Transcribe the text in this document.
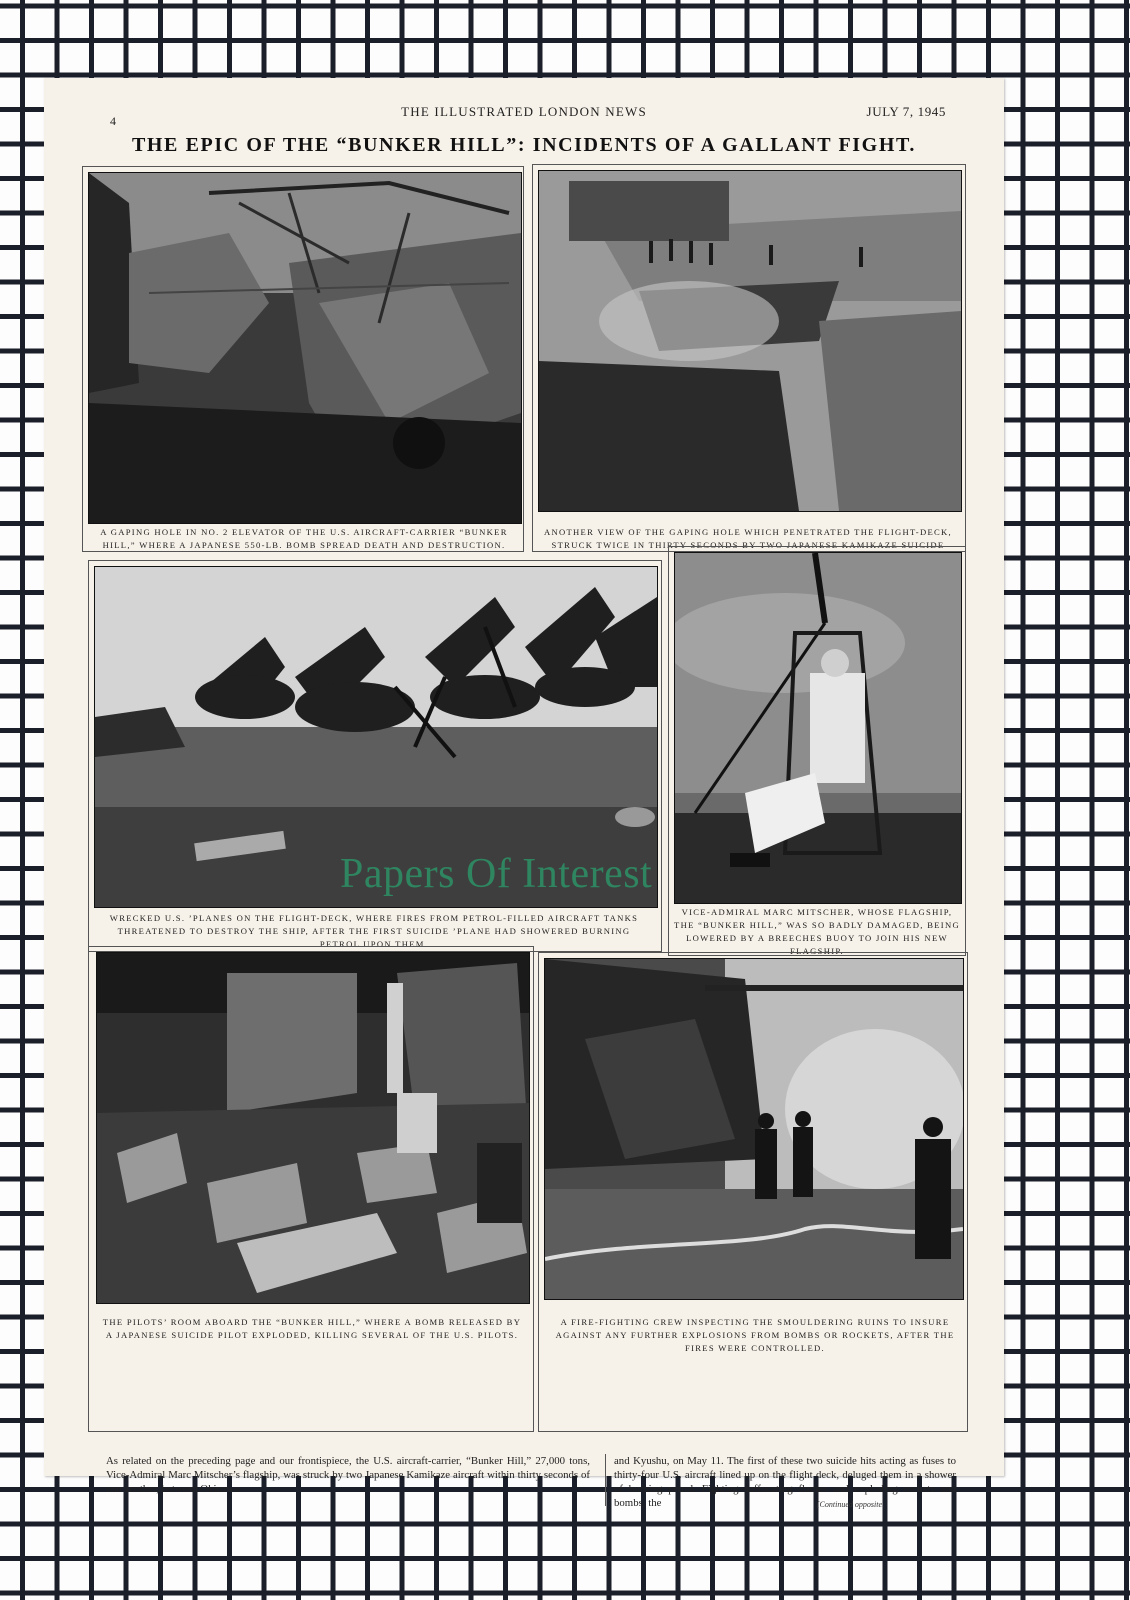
4
THE ILLUSTRATED LONDON NEWS	JULY 7, 1945
THE EPIC OF THE “BUNKER HILL”: INCIDENTS OF A GALLANT FIGHT.
A GAPING HOLE IN NO. 2 ELEVATOR OF THE U.S. AIRCRAFT-CARRIER “BUNKER HILL,” WHERE A JAPANESE 550-LB. BOMB SPREAD DEATH AND DESTRUCTION.
ANOTHER VIEW OF THE GAPING HOLE WHICH PENETRATED THE FLIGHT-DECK, STRUCK TWICE IN THIRTY SECONDS BY TWO JAPANESE KAMIKAZE SUICIDE
WRECKED U.S. ’PLANES ON THE FLIGHT-DECK, WHERE FIRES FROM PETROL-FILLED AIRCRAFT TANKS THREATENED TO DESTROY THE SHIP, AFTER THE FIRST SUICIDE ’PLANE HAD SHOWERED BURNING PETROL UPON THEM.
VICE-ADMIRAL MARC MITSCHER, WHOSE FLAGSHIP, THE “BUNKER HILL,” WAS SO BADLY DAMAGED, BEING LOWERED BY A BREECHES BUOY TO JOIN HIS NEW FLAGSHIP.
THE PILOTS’ ROOM ABOARD THE “BUNKER HILL,” WHERE A BOMB RELEASED BY A JAPANESE SUICIDE PILOT EXPLODED, KILLING SEVERAL OF THE U.S. PILOTS.
A FIRE-FIGHTING CREW INSPECTING THE SMOULDERING RUINS TO INSURE AGAINST ANY FURTHER EXPLOSIONS FROM BOMBS OR ROCKETS, AFTER THE FIRES WERE CONTROLLED.
As related on the preceding page and our frontispiece, the U.S. aircraft-carrier, “Bunker Hill,” 27,000 tons, Vice-Admiral Marc Mitscher’s flagship, was struck by two Japanese Kamikaze aircraft within thirty seconds of one another, between Okinawa
and Kyushu, on May 11. The first of these two suicide hits acting as fuses to thirty-four U.S. aircraft lined up on the flight deck, deluged them in a shower of burning petrol. Fighting suffocating flames and exploding rockets and bombs, the	[Continued opposite.
Papers Of Interest
